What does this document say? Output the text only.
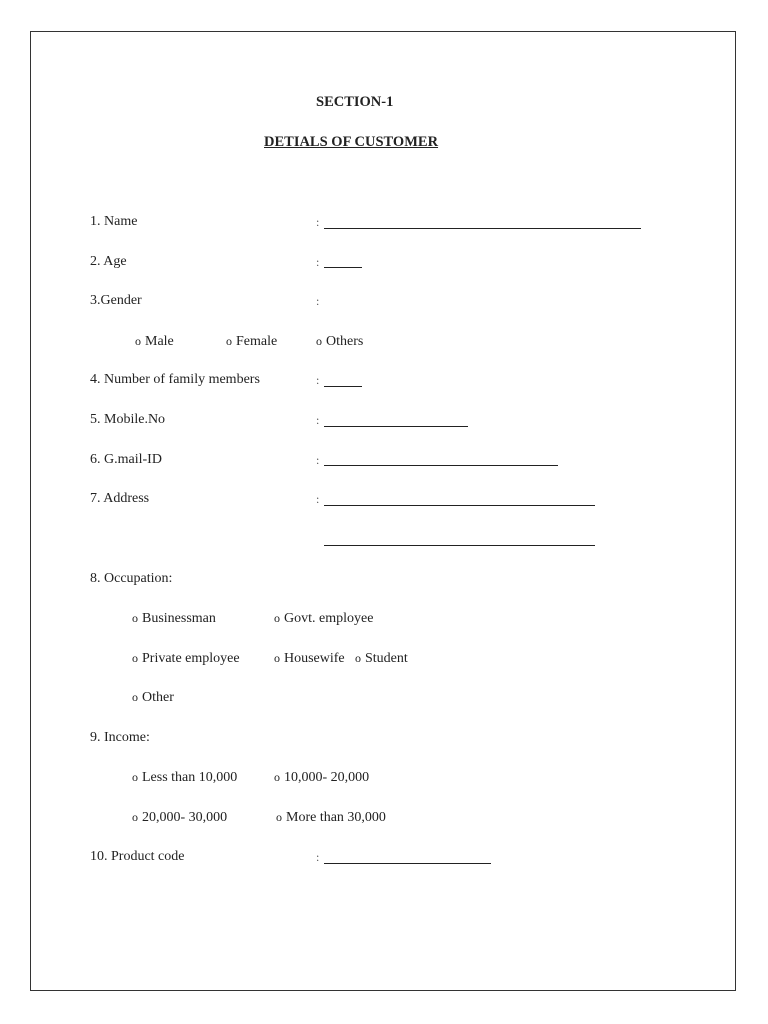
SECTION-1
DETIALS OF CUSTOMER
1. Name	:
2. Age	:
3.Gender	:
o Male	o Female	o Others
4. Number of family members	:
5. Mobile.No	:
6. G.mail-ID	:
7. Address	:
8. Occupation:
o Businessman	o Govt. employee
o Private employee	o Housewife o Student
o Other
9. Income:
o Less than 10,000	o 10,000- 20,000
o 20,000- 30,000	o More than 30,000
10. Product code	:
